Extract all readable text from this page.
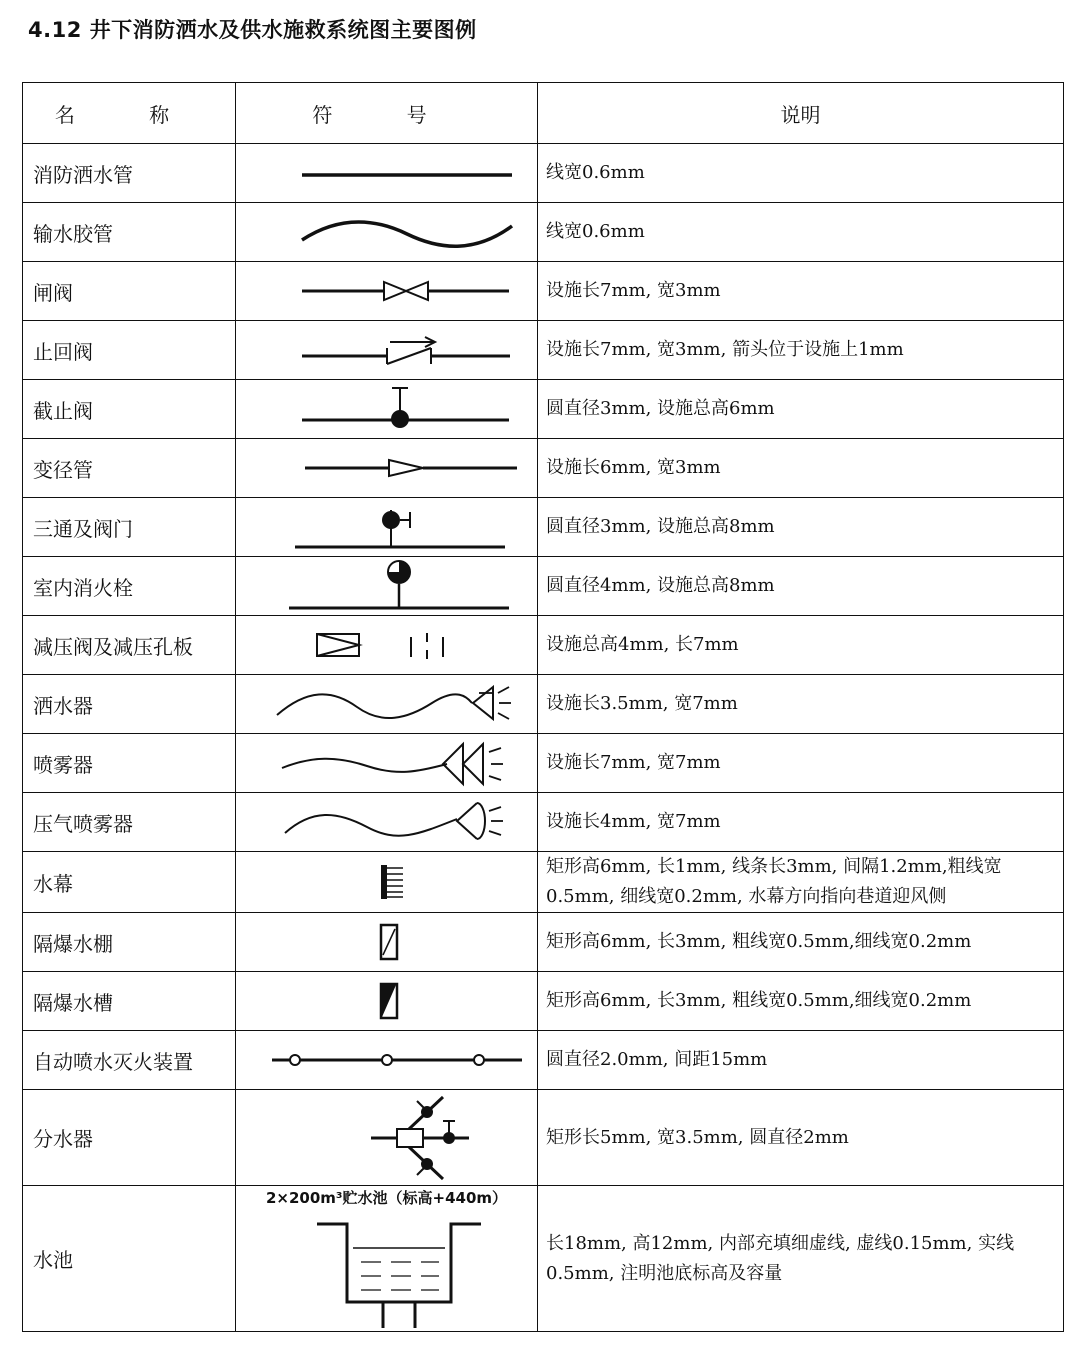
4.12 井下消防洒水及供水施救系统图主要图例
名 称	符 号	说明
消防洒水管		线宽0.6mm
输水胶管		线宽0.6mm
闸阀		设施长7mm, 宽3mm
止回阀		设施长7mm, 宽3mm, 箭头位于设施上1mm
截止阀		圆直径3mm, 设施总高6mm
变径管		设施长6mm, 宽3mm
三通及阀门		圆直径3mm, 设施总高8mm
室内消火栓		圆直径4mm, 设施总高8mm
减压阀及减压孔板		设施总高4mm, 长7mm
洒水器		设施长3.5mm, 宽7mm
喷雾器		设施长7mm, 宽7mm
压气喷雾器		设施长4mm, 宽7mm
水幕		矩形高6mm, 长1mm, 线条长3mm, 间隔1.2mm,粗线宽0.5mm, 细线宽0.2mm, 水幕方向指向巷道迎风侧
隔爆水棚		矩形高6mm, 长3mm, 粗线宽0.5mm,细线宽0.2mm
隔爆水槽		矩形高6mm, 长3mm, 粗线宽0.5mm,细线宽0.2mm
自动喷水灭火装置		圆直径2.0mm, 间距15mm
分水器		矩形长5mm, 宽3.5mm, 圆直径2mm
水池	2×200m³贮水池（标高+440m）	长18mm, 高12mm, 内部充填细虚线, 虚线0.15mm, 实线0.5mm, 注明池底标高及容量
